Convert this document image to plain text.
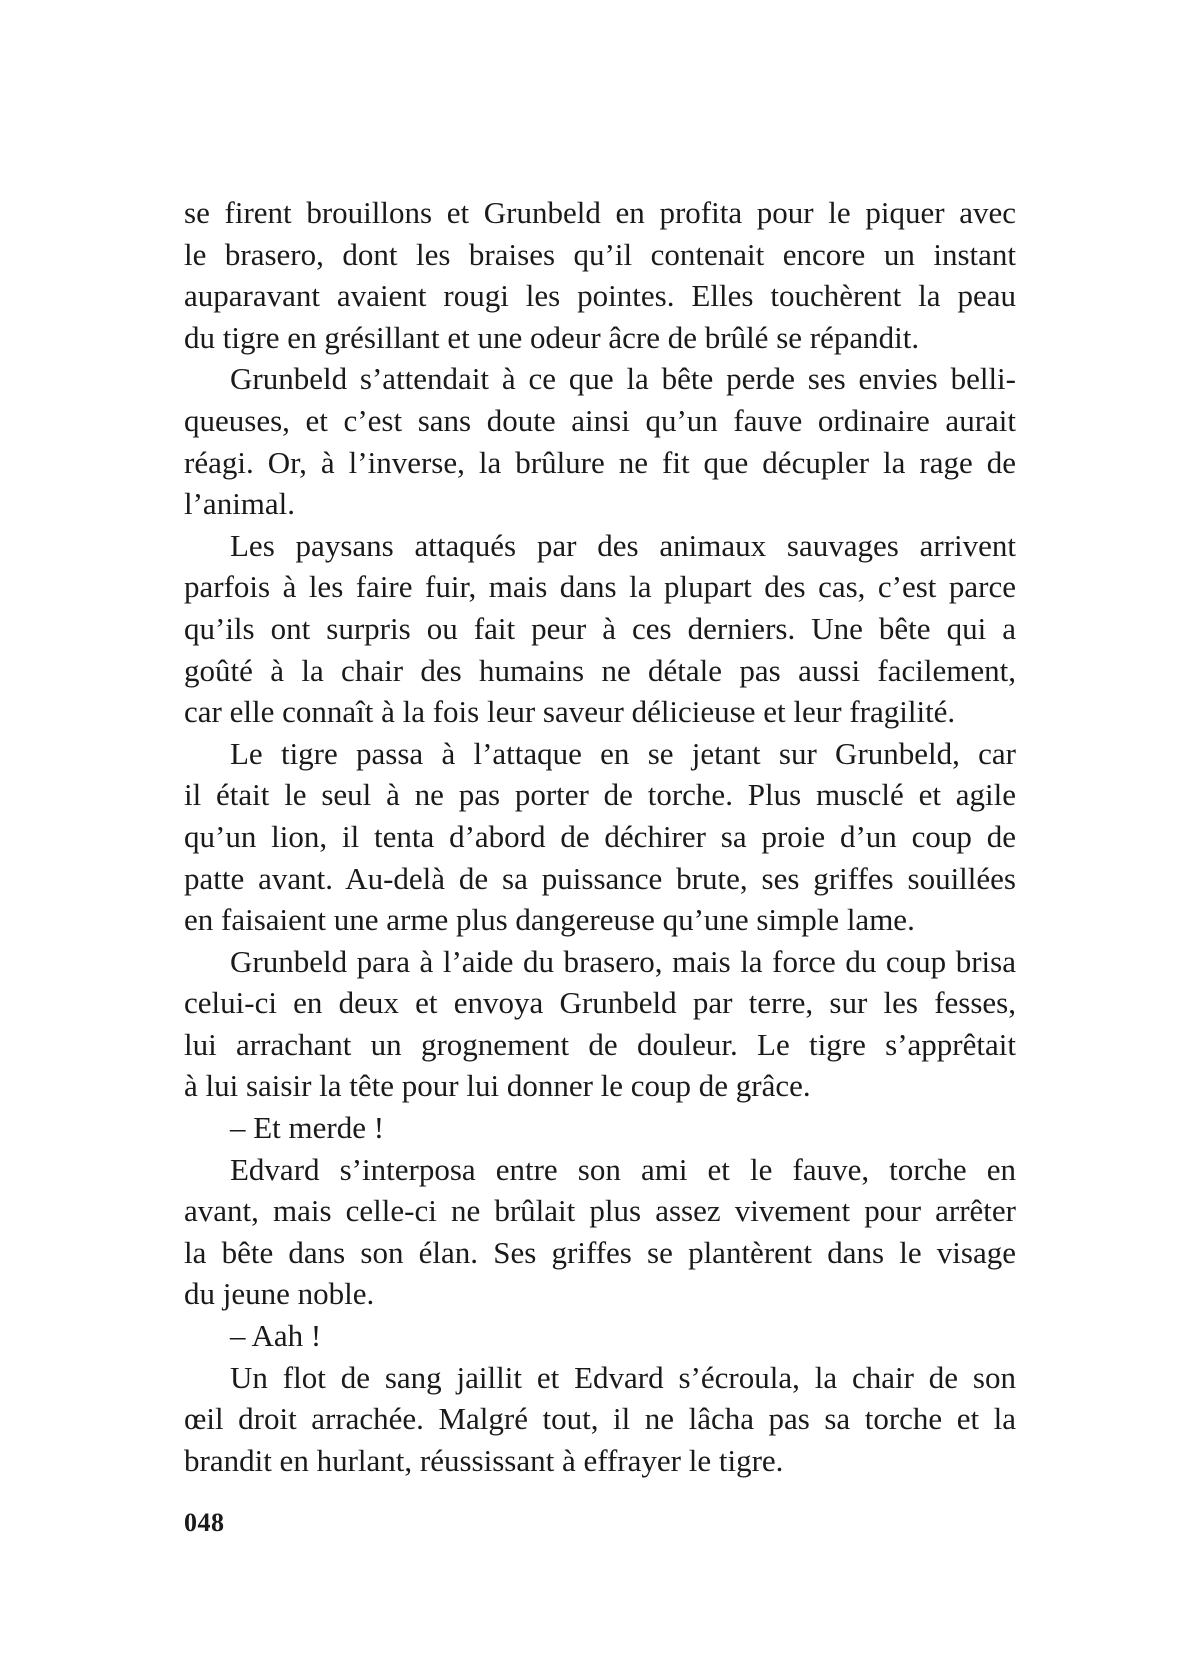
se firent brouillons et Grunbeld en profita pour le piquer avec
le brasero, dont les braises qu’il contenait encore un instant
auparavant avaient rougi les pointes. Elles touchèrent la peau
du tigre en grésillant et une odeur âcre de brûlé se répandit.
Grunbeld s’attendait à ce que la bête perde ses envies belli-
queuses, et c’est sans doute ainsi qu’un fauve ordinaire aurait
réagi. Or, à l’inverse, la brûlure ne fit que décupler la rage de
l’animal.
Les paysans attaqués par des animaux sauvages arrivent
parfois à les faire fuir, mais dans la plupart des cas, c’est parce
qu’ils ont surpris ou fait peur à ces derniers. Une bête qui a
goûté à la chair des humains ne détale pas aussi facilement,
car elle connaît à la fois leur saveur délicieuse et leur fragilité.
Le tigre passa à l’attaque en se jetant sur Grunbeld, car
il était le seul à ne pas porter de torche. Plus musclé et agile
qu’un lion, il tenta d’abord de déchirer sa proie d’un coup de
patte avant. Au-delà de sa puissance brute, ses griffes souillées
en faisaient une arme plus dangereuse qu’une simple lame.
Grunbeld para à l’aide du brasero, mais la force du coup brisa
celui-ci en deux et envoya Grunbeld par terre, sur les fesses,
lui arrachant un grognement de douleur. Le tigre s’apprêtait
à lui saisir la tête pour lui donner le coup de grâce.
– Et merde !
Edvard s’interposa entre son ami et le fauve, torche en
avant, mais celle-ci ne brûlait plus assez vivement pour arrêter
la bête dans son élan. Ses griffes se plantèrent dans le visage
du jeune noble.
– Aah !
Un flot de sang jaillit et Edvard s’écroula, la chair de son
œil droit arrachée. Malgré tout, il ne lâcha pas sa torche et la
brandit en hurlant, réussissant à effrayer le tigre.
048
